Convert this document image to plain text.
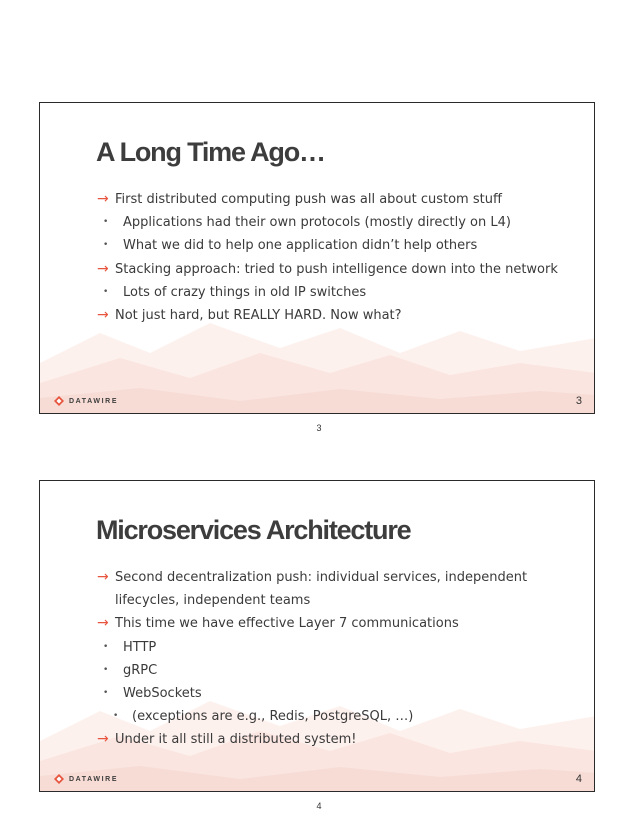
A Long Time Ago…
→ First distributed computing push was all about custom stuff
• Applications had their own protocols (mostly directly on L4)
• What we did to help one application didn’t help others
→ Stacking approach: tried to push intelligence down into the network
• Lots of crazy things in old IP switches
→ Not just hard, but REALLY HARD. Now what?
DATAWIRE	3
3
Microservices Architecture
→ Second decentralization push: individual services, independent
lifecycles, independent teams
→ This time we have effective Layer 7 communications
• HTTP
• gRPC
• WebSockets
• (exceptions are e.g., Redis, PostgreSQL, …)
→ Under it all still a distributed system!
DATAWIRE	4
4
